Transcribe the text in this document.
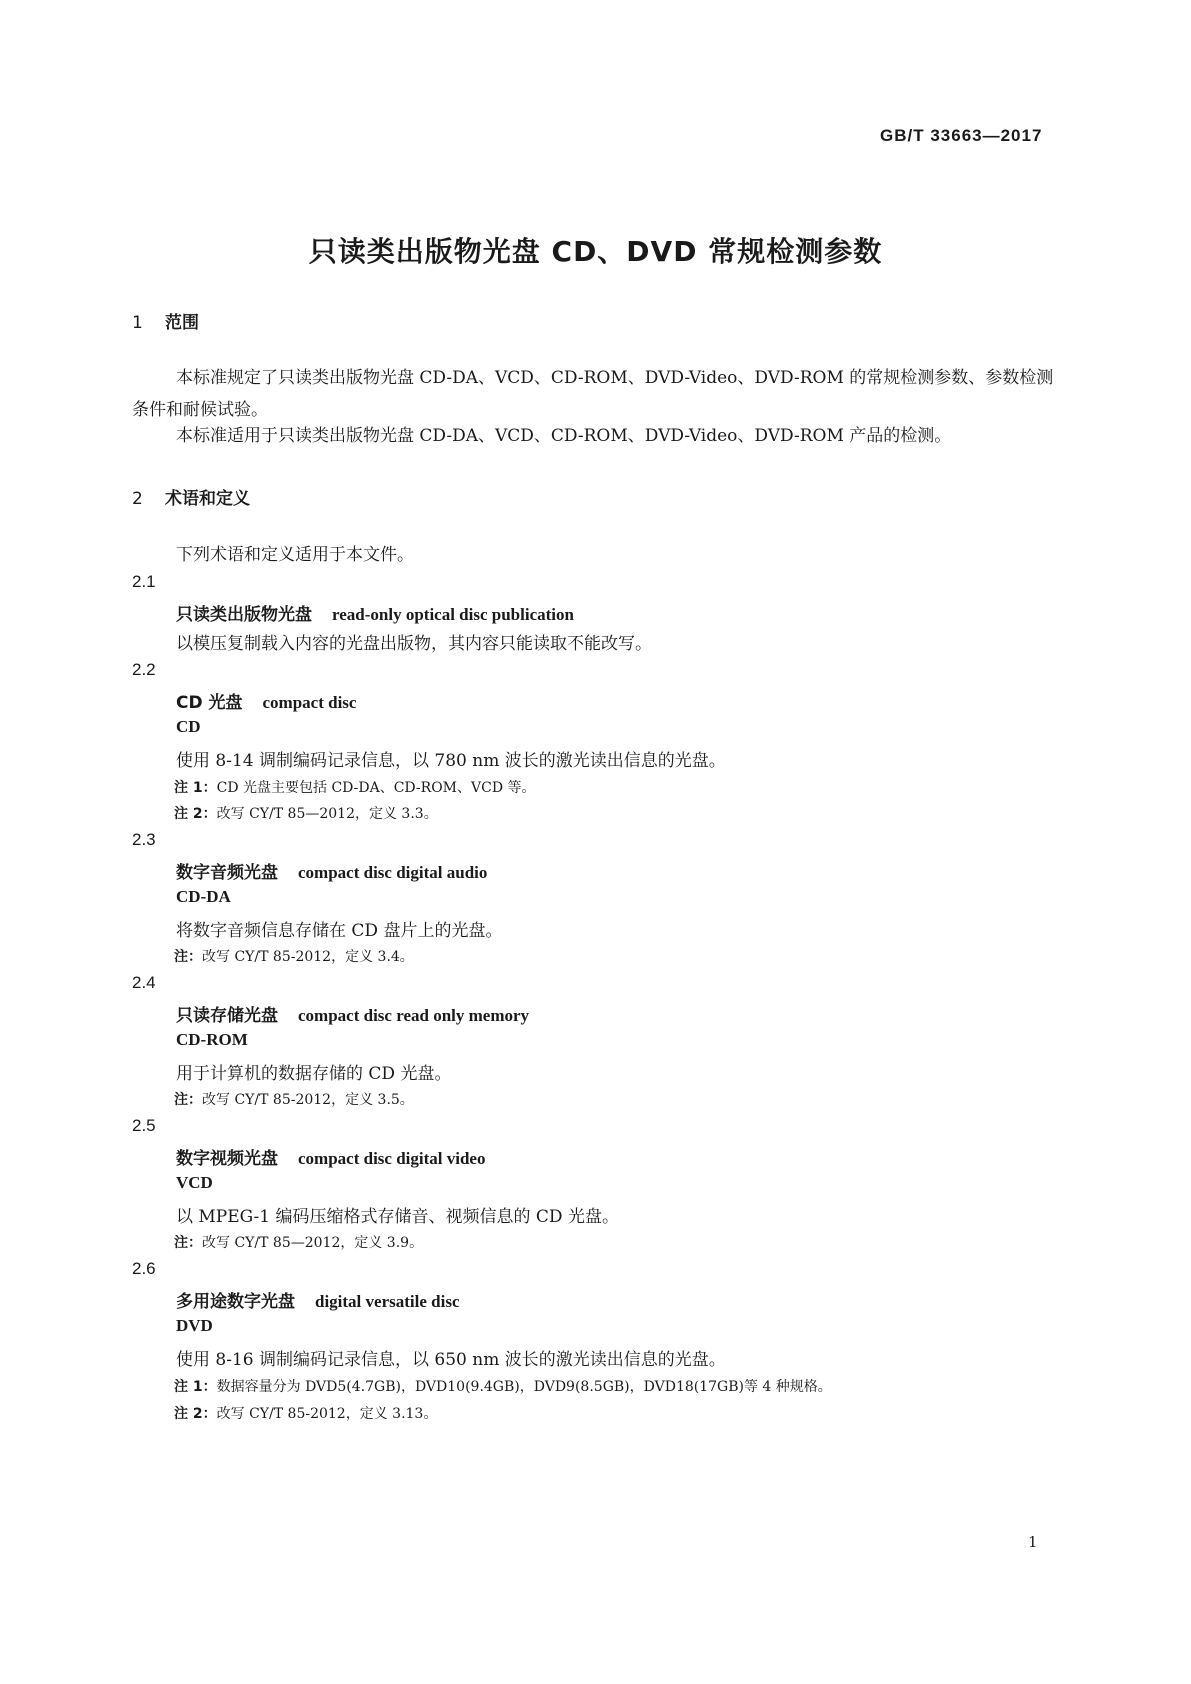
GB/T 33663—2017
只读类出版物光盘 CD、DVD 常规检测参数
1 范围
本标准规定了只读类出版物光盘 CD-DA、VCD、CD-ROM、DVD-Video、DVD-ROM 的常规检测参数、参数检测条件和耐候试验。
本标准适用于只读类出版物光盘 CD-DA、VCD、CD-ROM、DVD-Video、DVD-ROM 产品的检测。
2 术语和定义
下列术语和定义适用于本文件。
2.1
只读类出版物光盘 read-only optical disc publication
以模压复制载入内容的光盘出版物，其内容只能读取不能改写。
2.2
CD 光盘 compact disc
CD
使用 8-14 调制编码记录信息，以 780 nm 波长的激光读出信息的光盘。
注 1：CD 光盘主要包括 CD-DA、CD-ROM、VCD 等。
注 2：改写 CY/T 85—2012，定义 3.3。
2.3
数字音频光盘 compact disc digital audio
CD-DA
将数字音频信息存储在 CD 盘片上的光盘。
注：改写 CY/T 85-2012，定义 3.4。
2.4
只读存储光盘 compact disc read only memory
CD-ROM
用于计算机的数据存储的 CD 光盘。
注：改写 CY/T 85-2012，定义 3.5。
2.5
数字视频光盘 compact disc digital video
VCD
以 MPEG-1 编码压缩格式存储音、视频信息的 CD 光盘。
注：改写 CY/T 85—2012，定义 3.9。
2.6
多用途数字光盘 digital versatile disc
DVD
使用 8-16 调制编码记录信息，以 650 nm 波长的激光读出信息的光盘。
注 1：数据容量分为 DVD5(4.7GB)，DVD10(9.4GB)，DVD9(8.5GB)，DVD18(17GB)等 4 种规格。
注 2：改写 CY/T 85-2012，定义 3.13。
1
